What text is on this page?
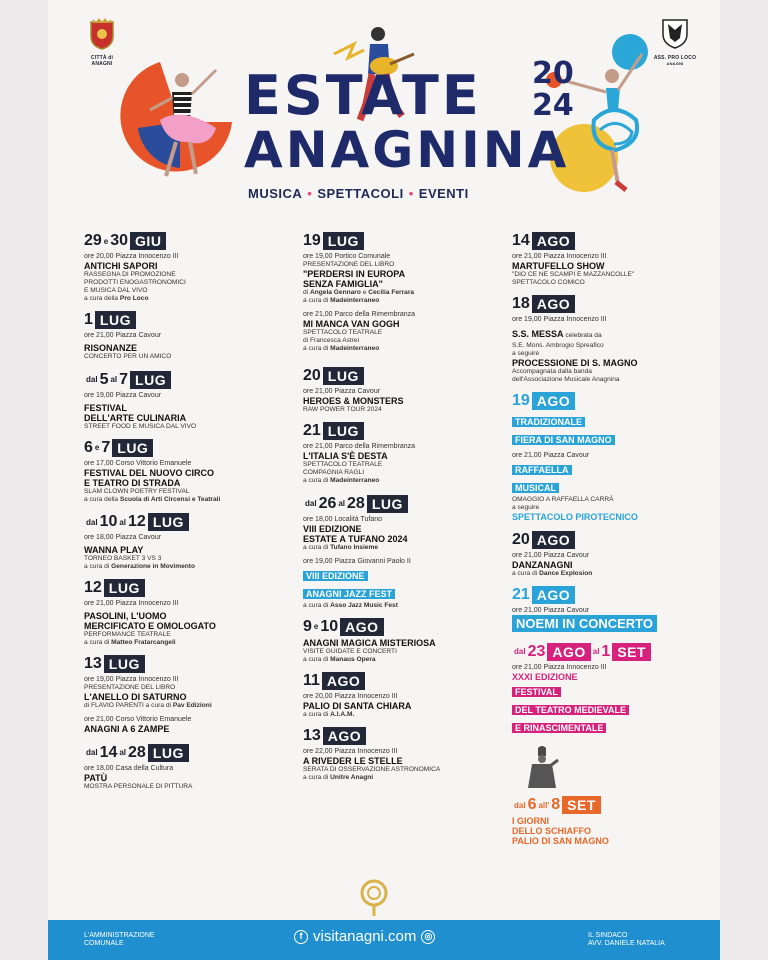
CITTÀ di ANAGNI
ASS. PRO LOCO
ANAGNI
ESTATE
ANAGNINA
20
24
MUSICA • SPETTACOLI • EVENTI
29 e 30 GIU
ore 20,00 Piazza Innocenzo III
ANTICHI SAPORI
RASSEGNA DI PROMOZIONE
PRODOTTI ENOGASTRONOMICI
E MUSICA DAL VIVO
a cura della Pro Loco
1 LUG
ore 21,00 Piazza Cavour
RISONANZE
CONCERTO PER UN AMICO
dal 5 al 7 LUG
ore 19,00 Piazza Cavour
FESTIVAL
DELL'ARTE CULINARIA
STREET FOOD E MUSICA DAL VIVO
6 e 7 LUG
ore 17,00 Corso Vittorio Emanuele
FESTIVAL DEL NUOVO CIRCO
E TEATRO DI STRADA
SLAM CLOWN POETRY FESTIVAL
a cura della Scuola di Arti Circensi e Teatrali
dal 10 al 12 LUG
ore 18,00 Piazza Cavour
WANNA PLAY
TORNEO BASKET 3 VS 3
a cura di Generazione in Movimento
12 LUG
ore 21,00 Piazza Innocenzo III
PASOLINI, L'UOMO
MERCIFICATO E OMOLOGATO
PERFORMANCE TEATRALE
a cura di Matteo Fratarcangeli
13 LUG
ore 19,00 Piazza Innocenzo III
PRESENTAZIONE DEL LIBRO
L'ANELLO DI SATURNO
di FLAVIO PARENTI a cura di Pav Edizioni
ore 21,00 Corso Vittorio Emanuele
ANAGNI A 6 ZAMPE
dal 14 al 28 LUG
ore 18,00 Casa della Cultura
PATÙ
MOSTRA PERSONALE DI PITTURA
19 LUG
ore 19,00 Portico Comunale
PRESENTAZIONE DEL LIBRO
"PERDERSI IN EUROPA
SENZA FAMIGLIA"
di Angela Gennaro e Cecilia Ferrara
a cura di Madeinterraneo
ore 21,00 Parco della Rimembranza
MI MANCA VAN GOGH
SPETTACOLO TEATRALE
di Francesca Astrei
a cura di Madeinterraneo
20 LUG
ore 21,00 Piazza Cavour
HEROES & MONSTERS
RAW POWER TOUR 2024
21 LUG
ore 21,00 Parco della Rimembranza
L'ITALIA S'È DESTA
SPETTACOLO TEATRALE
COMPAGNIA RAGLI
a cura di Madeinterraneo
dal 26 al 28 LUG
ore 18,00 Località Tufano
VIII EDIZIONE
ESTATE A TUFANO 2024
a cura di Tufano Insieme
ore 19,00 Piazza Giovanni Paolo II
VIII EDIZIONE
ANAGNI JAZZ FEST
a cura di Asso Jazz Music Fest
9 e 10 AGO
ANAGNI MAGICA MISTERIOSA
VISITE GUIDATE E CONCERTI
a cura di Manaus Opera
11 AGO
ore 20,00 Piazza Innocenzo III
PALIO DI SANTA CHIARA
a cura di A.I.A.M.
13 AGO
ore 22,00 Piazza Innocenzo III
A RIVEDER LE STELLE
SERATA DI OSSERVAZIONE ASTRONOMICA
a cura di Unitre Anagni
14 AGO
ore 21,00 Piazza Innocenzo III
MARTUFELLO SHOW
"DIO CE NE SCAMPI E MAZZANCOLLE"
SPETTACOLO COMICO
18 AGO
ore 19,00 Piazza Innocenzo III
S.S. MESSA celebrata da
S.E. Mons. Ambrogio Spreafico
a seguire
PROCESSIONE DI S. MAGNO
Accompagnata dalla banda
dell'Associazione Musicale Anagnina
19 AGO
TRADIZIONALE
FIERA DI SAN MAGNO
ore 21,00 Piazza Cavour
RAFFAELLA
MUSICAL
OMAGGIO A RAFFAELLA CARRÀ
a seguire
SPETTACOLO PIROTECNICO
20 AGO
ore 21,00 Piazza Cavour
DANZANAGNI
a cura di Dance Explosion
21 AGO
ore 21,00 Piazza Cavour
NOEMI IN CONCERTO
dal 23 AGO al 1 SET
ore 21,00 Piazza Innocenzo III
XXXI EDIZIONE
FESTIVAL
DEL TEATRO MEDIEVALE
E RINASCIMENTALE
dal 6 all' 8 SET
I GIORNI
DELLO SCHIAFFO
PALIO DI SAN MAGNO
L'AMMINISTRAZIONE
COMUNALE
f visitanagni.com ◎	IL SINDACO
AVV. DANIELE NATALIA
